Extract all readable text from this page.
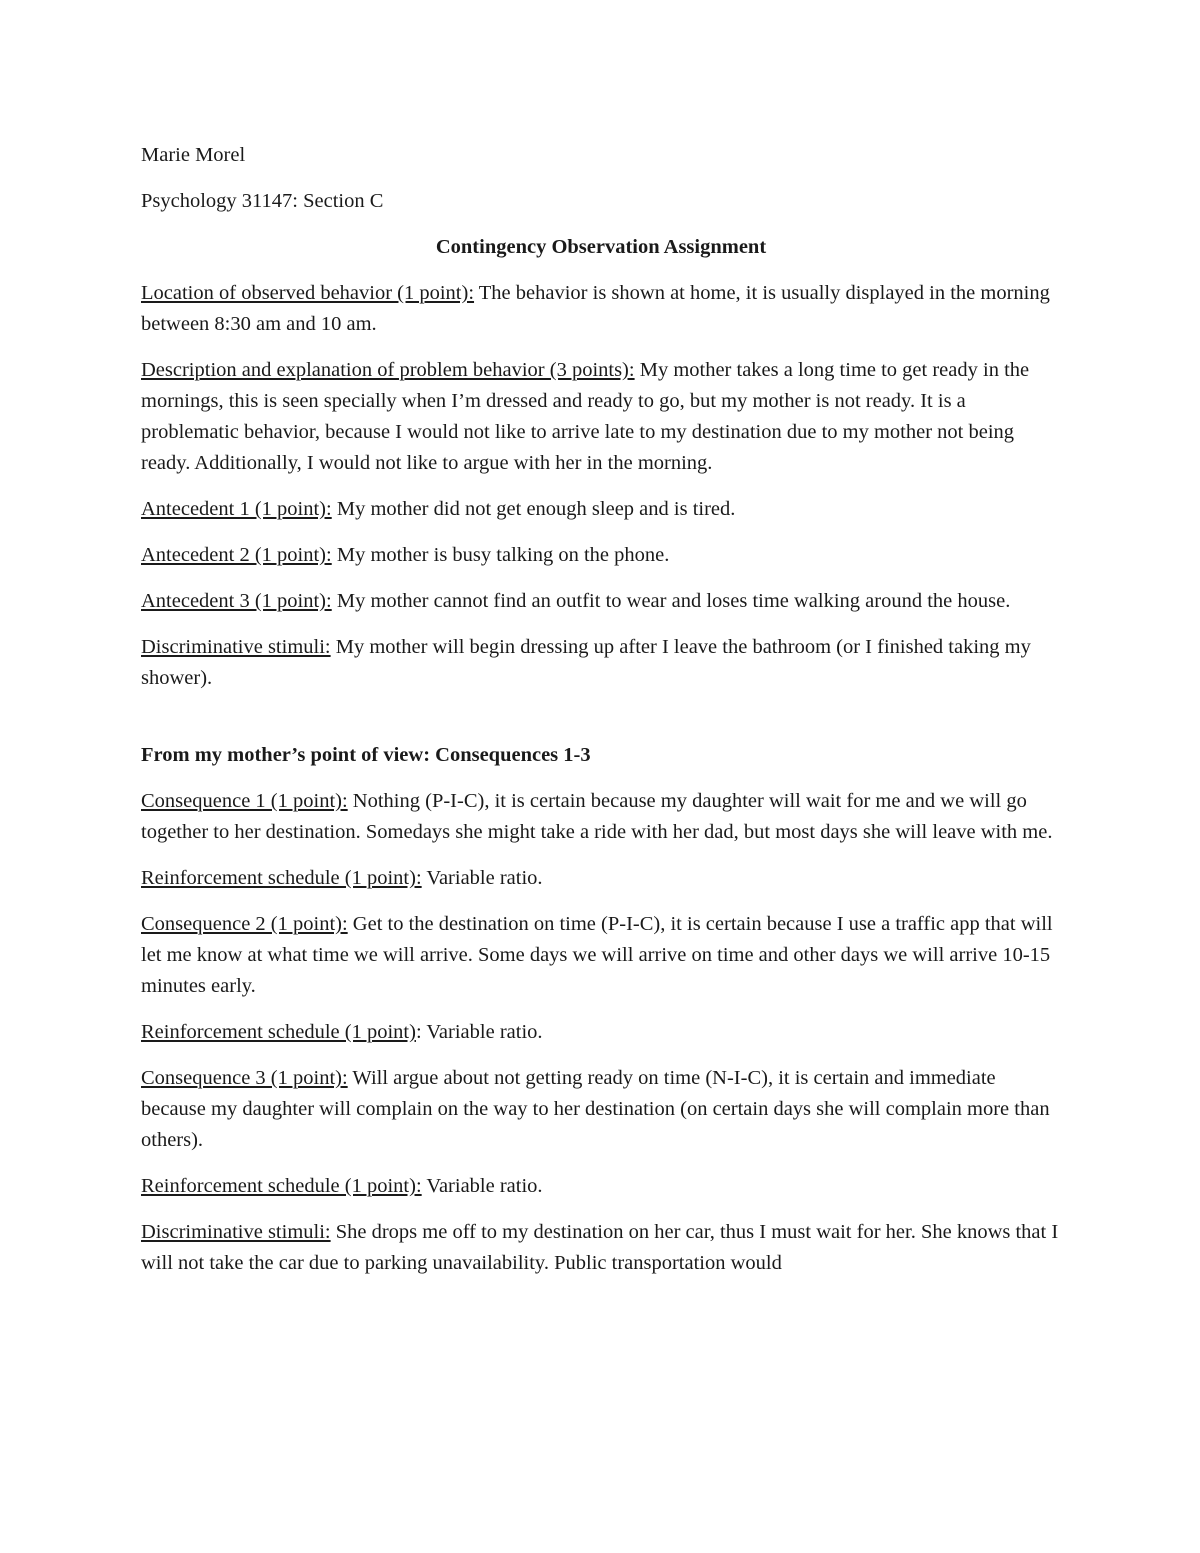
Marie Morel

Psychology 31147: Section C

Contingency Observation Assignment

Location of observed behavior (1 point): The behavior is shown at home, it is usually displayed in the morning between 8:30 am and 10 am.

Description and explanation of problem behavior (3 points): My mother takes a long time to get ready in the mornings, this is seen specially when I’m dressed and ready to go, but my mother is not ready. It is a problematic behavior, because I would not like to arrive late to my destination due to my mother not being ready. Additionally, I would not like to argue with her in the morning.

Antecedent 1 (1 point): My mother did not get enough sleep and is tired.

Antecedent 2 (1 point): My mother is busy talking on the phone.

Antecedent 3 (1 point): My mother cannot find an outfit to wear and loses time walking around the house.

Discriminative stimuli: My mother will begin dressing up after I leave the bathroom (or I finished taking my shower).

From my mother’s point of view: Consequences 1-3

Consequence 1 (1 point): Nothing (P-I-C), it is certain because my daughter will wait for me and we will go together to her destination. Somedays she might take a ride with her dad, but most days she will leave with me.

Reinforcement schedule (1 point): Variable ratio.

Consequence 2 (1 point): Get to the destination on time (P-I-C), it is certain because I use a traffic app that will let me know at what time we will arrive. Some days we will arrive on time and other days we will arrive 10-15 minutes early.

Reinforcement schedule (1 point): Variable ratio.

Consequence 3 (1 point): Will argue about not getting ready on time (N-I-C), it is certain and immediate because my daughter will complain on the way to her destination (on certain days she will complain more than others).

Reinforcement schedule (1 point): Variable ratio.

Discriminative stimuli: She drops me off to my destination on her car, thus I must wait for her. She knows that I will not take the car due to parking unavailability. Public transportation would
